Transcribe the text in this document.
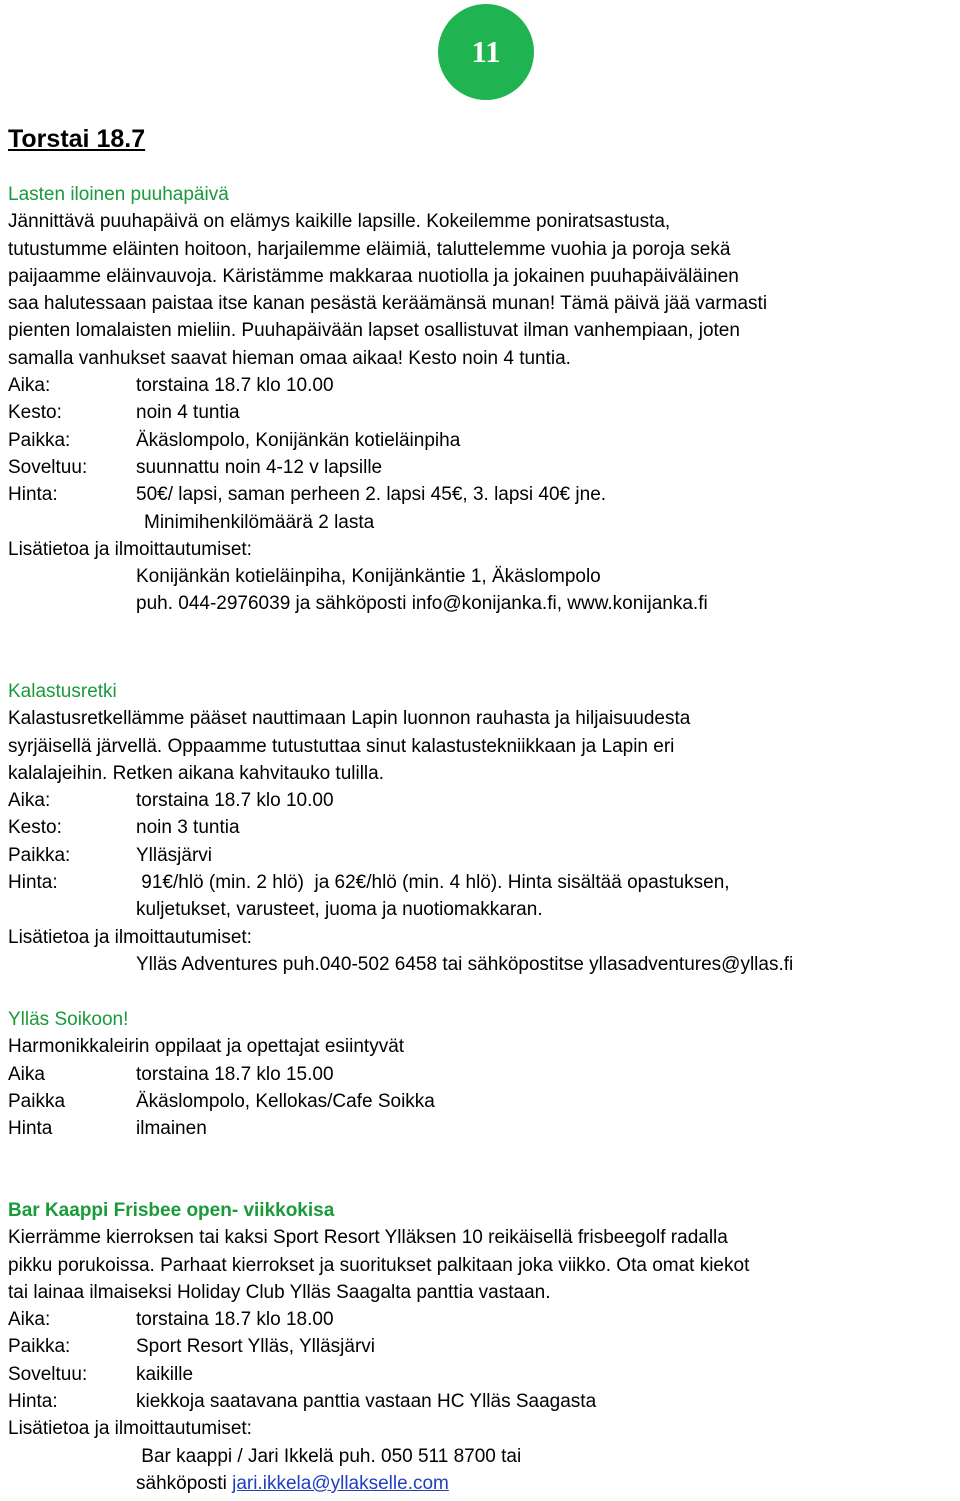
11
Torstai 18.7
Lasten iloinen puuhapäivä
Jännittävä puuhapäivä on elämys kaikille lapsille. Kokeilemme poniratsastusta,
tutustumme eläinten hoitoon, harjailemme eläimiä, taluttelemme vuohia ja poroja sekä
paijaamme eläinvauvoja. Käristämme makkaraa nuotiolla ja jokainen puuhapäiväläinen
saa halutessaan paistaa itse kanan pesästä keräämänsä munan! Tämä päivä jää varmasti
pienten lomalaisten mieliin. Puuhapäivään lapset osallistuvat ilman vanhempiaan, joten
samalla vanhukset saavat hieman omaa aikaa! Kesto noin 4 tuntia.
Aika:	torstaina 18.7 klo 10.00
Kesto:	noin 4 tuntia
Paikka:	Äkäslompolo, Konijänkän kotieläinpiha
Soveltuu:	suunnattu noin 4-12 v lapsille
Hinta:	50€/ lapsi, saman perheen 2. lapsi 45€, 3. lapsi 40€ jne.
Minimihenkilömäärä 2 lasta
Lisätietoa ja ilmoittautumiset:
Konijänkän kotieläinpiha, Konijänkäntie 1, Äkäslompolo
puh. 044-2976039 ja sähköposti info@konijanka.fi, www.konijanka.fi
Kalastusretki
Kalastusretkellämme pääset nauttimaan Lapin luonnon rauhasta ja hiljaisuudesta
syrjäisellä järvellä. Oppaamme tutustuttaa sinut kalastustekniikkaan ja Lapin eri
kalalajeihin. Retken aikana kahvitauko tulilla.
Aika:	torstaina 18.7 klo 10.00
Kesto:	noin 3 tuntia
Paikka:	Ylläsjärvi
Hinta:	91€/hlö (min. 2 hlö)  ja 62€/hlö (min. 4 hlö). Hinta sisältää opastuksen,
kuljetukset, varusteet, juoma ja nuotiomakkaran.
Lisätietoa ja ilmoittautumiset:
Ylläs Adventures puh.040-502 6458 tai sähköpostitse yllasadventures@yllas.fi
Ylläs Soikoon!
Harmonikkaleirin oppilaat ja opettajat esiintyvät
Aika	torstaina 18.7 klo 15.00
Paikka	Äkäslompolo, Kellokas/Cafe Soikka
Hinta	ilmainen
Bar Kaappi Frisbee open- viikkokisa
Kierrämme kierroksen tai kaksi Sport Resort Ylläksen 10 reikäisellä frisbeegolf radalla
pikku porukoissa. Parhaat kierrokset ja suoritukset palkitaan joka viikko. Ota omat kiekot
tai lainaa ilmaiseksi Holiday Club Ylläs Saagalta panttia vastaan.
Aika:	torstaina 18.7 klo 18.00
Paikka:	Sport Resort Ylläs, Ylläsjärvi
Soveltuu:	kaikille
Hinta:	kiekkoja saatavana panttia vastaan HC Ylläs Saagasta
Lisätietoa ja ilmoittautumiset:
Bar kaappi / Jari Ikkelä puh. 050 511 8700 tai
sähköposti jari.ikkela@yllakselle.com
